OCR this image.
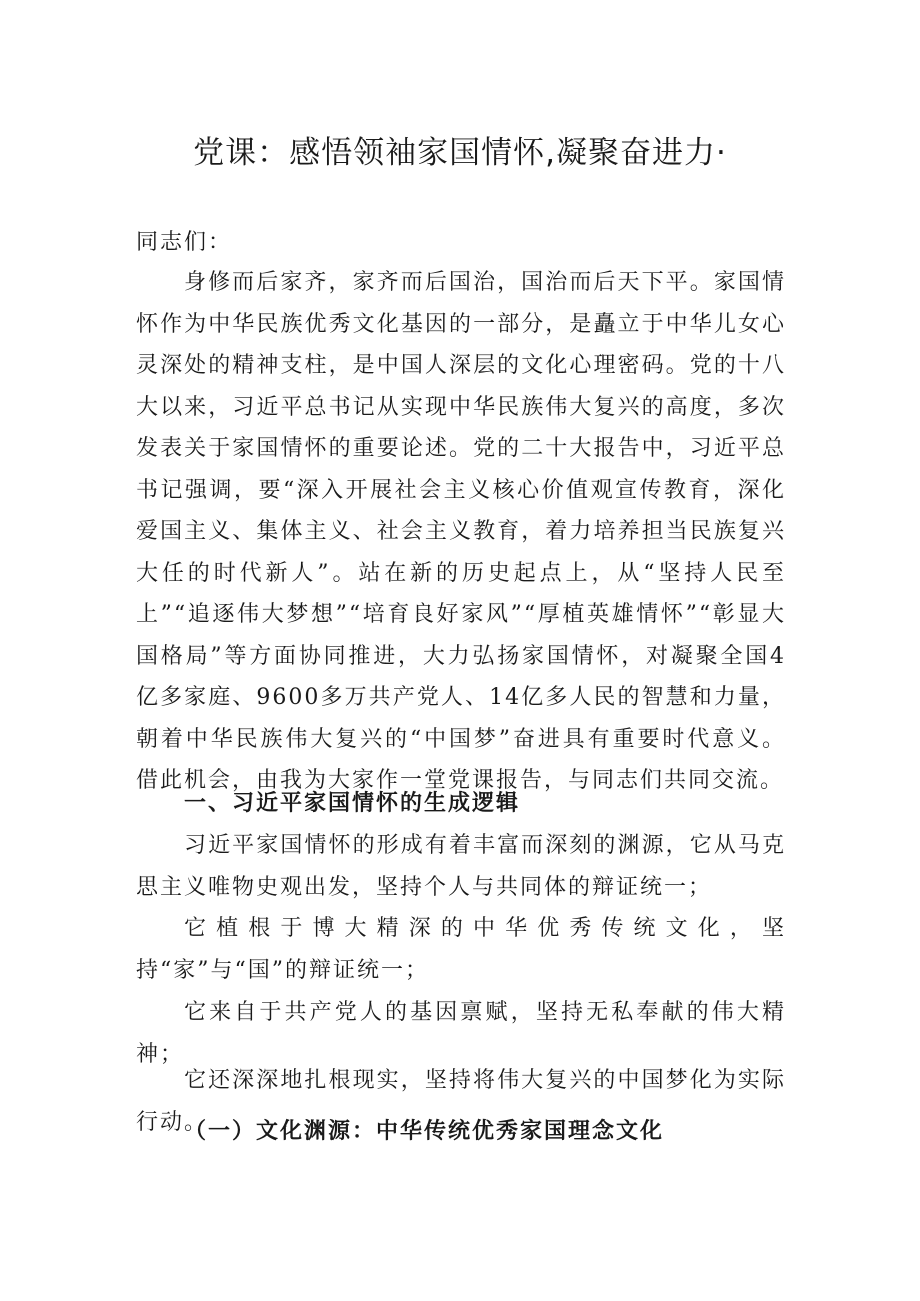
党课：感悟领袖家国情怀,凝聚奋进力·

同志们：

身修而后家齐，家齐而后国治，国治而后天下平。家国情怀作为中华民族优秀文化基因的一部分，是矗立于中华儿女心灵深处的精神支柱，是中国人深层的文化心理密码。党的十八大以来，习近平总书记从实现中华民族伟大复兴的高度，多次发表关于家国情怀的重要论述。党的二十大报告中，习近平总书记强调，要“深入开展社会主义核心价值观宣传教育，深化爱国主义、集体主义、社会主义教育，着力培养担当民族复兴大任的时代新人”。站在新的历史起点上，从“坚持人民至上”“追逐伟大梦想”“培育良好家风”“厚植英雄情怀”“彰显大国格局”等方面协同推进，大力弘扬家国情怀，对凝聚全国4亿多家庭、9600多万共产党人、14亿多人民的智慧和力量，朝着中华民族伟大复兴的“中国梦”奋进具有重要时代意义。借此机会，由我为大家作一堂党课报告，与同志们共同交流。

一、习近平家国情怀的生成逻辑

习近平家国情怀的形成有着丰富而深刻的渊源，它从马克思主义唯物史观出发，坚持个人与共同体的辩证统一；

它植根于博大精深的中华优秀传统文化，坚持“家”与“国”的辩证统一；

它来自于共产党人的基因禀赋，坚持无私奉献的伟大精神；

它还深深地扎根现实，坚持将伟大复兴的中国梦化为实际行动。

（一）文化渊源：中华传统优秀家国理念文化
